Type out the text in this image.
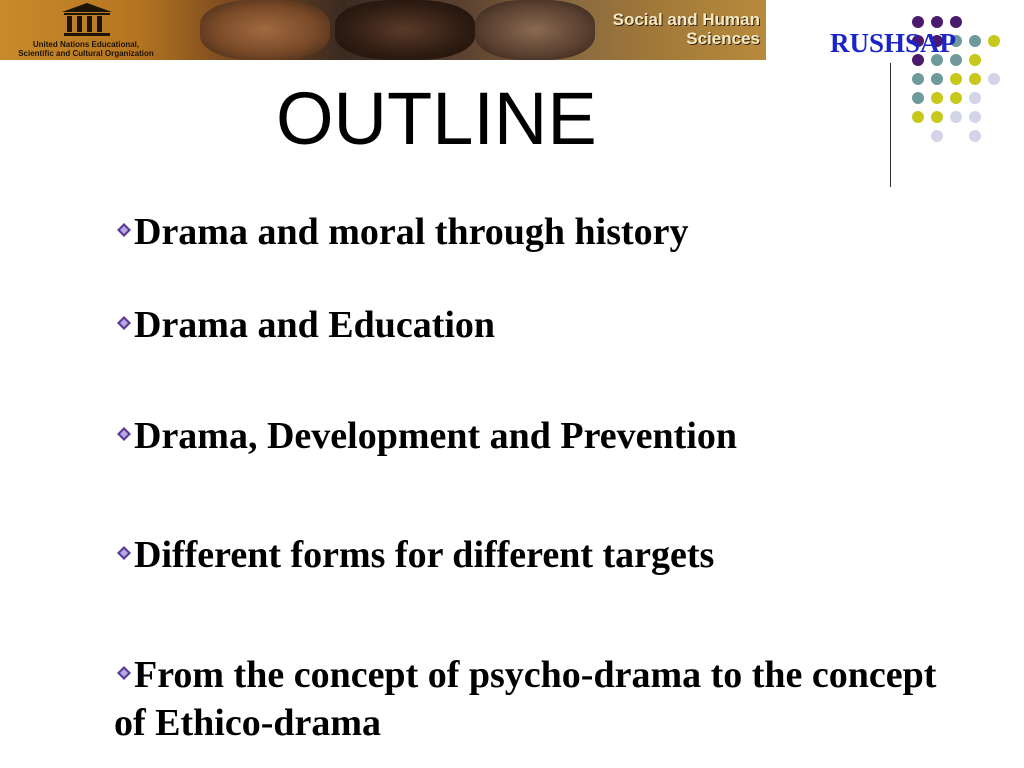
United Nations Educational,
Scientific and Cultural Organization
Social and Human
Sciences	RUSHSAP
OUTLINE
Drama and moral through history
Drama and Education
Drama, Development and Prevention
Different forms for different targets
From the concept of psycho-drama to the concept of Ethico-drama
